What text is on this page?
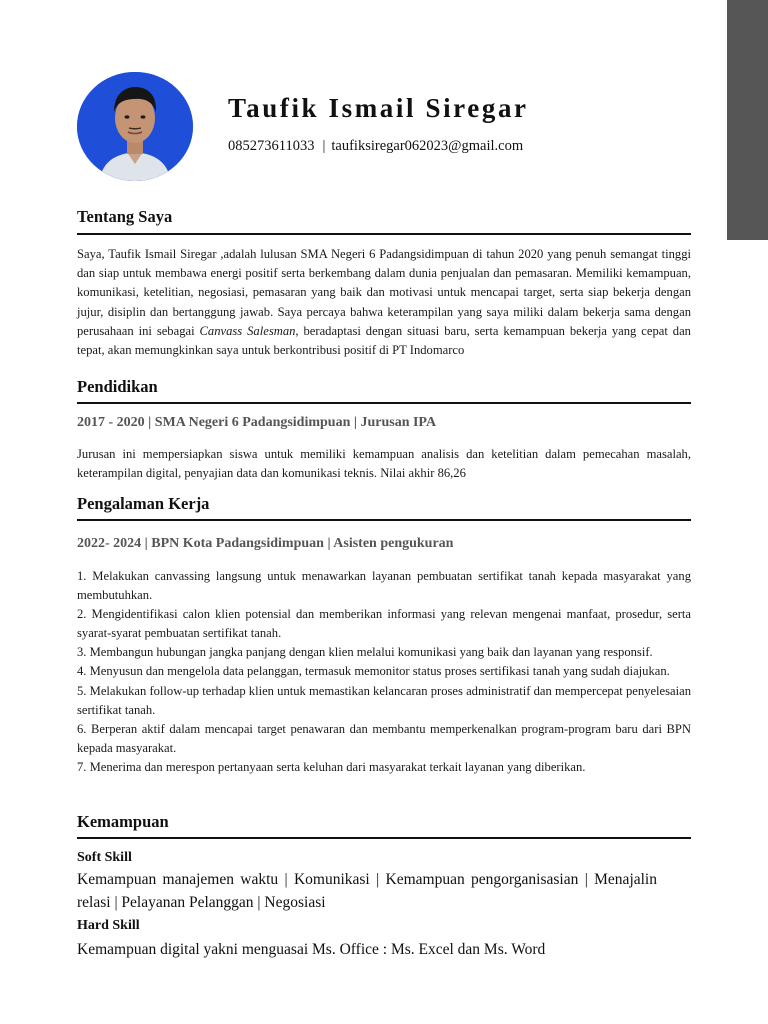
Taufik Ismail Siregar
085273611033 | taufiksiregar062023@gmail.com
Tentang Saya
Saya, Taufik Ismail Siregar ,adalah lulusan SMA Negeri 6 Padangsidimpuan di tahun 2020 yang penuh semangat tinggi dan siap untuk membawa energi positif serta berkembang dalam dunia penjualan dan pemasaran. Memiliki kemampuan, komunikasi, ketelitian, negosiasi, pemasaran yang baik dan motivasi untuk mencapai target, serta siap bekerja dengan jujur, disiplin dan bertanggung jawab. Saya percaya bahwa keterampilan yang saya miliki dalam bekerja sama dengan perusahaan ini sebagai Canvass Salesman, beradaptasi dengan situasi baru, serta kemampuan bekerja yang cepat dan tepat, akan memungkinkan saya untuk berkontribusi positif di PT Indomarco
Pendidikan
2017 - 2020 | SMA Negeri 6 Padangsidimpuan | Jurusan IPA
Jurusan ini mempersiapkan siswa untuk memiliki kemampuan analisis dan ketelitian dalam pemecahan masalah, keterampilan digital, penyajian data dan komunikasi teknis. Nilai akhir 86,26
Pengalaman Kerja
2022- 2024 | BPN Kota Padangsidimpuan | Asisten pengukuran
1. Melakukan canvassing langsung untuk menawarkan layanan pembuatan sertifikat tanah kepada masyarakat yang membutuhkan.
2. Mengidentifikasi calon klien potensial dan memberikan informasi yang relevan mengenai manfaat, prosedur, serta syarat-syarat pembuatan sertifikat tanah.
3. Membangun hubungan jangka panjang dengan klien melalui komunikasi yang baik dan layanan yang responsif.
4. Menyusun dan mengelola data pelanggan, termasuk memonitor status proses sertifikasi tanah yang sudah diajukan.
5. Melakukan follow-up terhadap klien untuk memastikan kelancaran proses administratif dan mempercepat penyelesaian sertifikat tanah.
6. Berperan aktif dalam mencapai target penawaran dan membantu memperkenalkan program-program baru dari BPN kepada masyarakat.
7. Menerima dan merespon pertanyaan serta keluhan dari masyarakat terkait layanan yang diberikan.
Kemampuan
Soft Skill
Kemampuan manajemen waktu | Komunikasi | Kemampuan pengorganisasian | Menajalin relasi | Pelayanan Pelanggan | Negosiasi
Hard Skill
Kemampuan digital yakni menguasai Ms. Office : Ms. Excel dan Ms. Word
